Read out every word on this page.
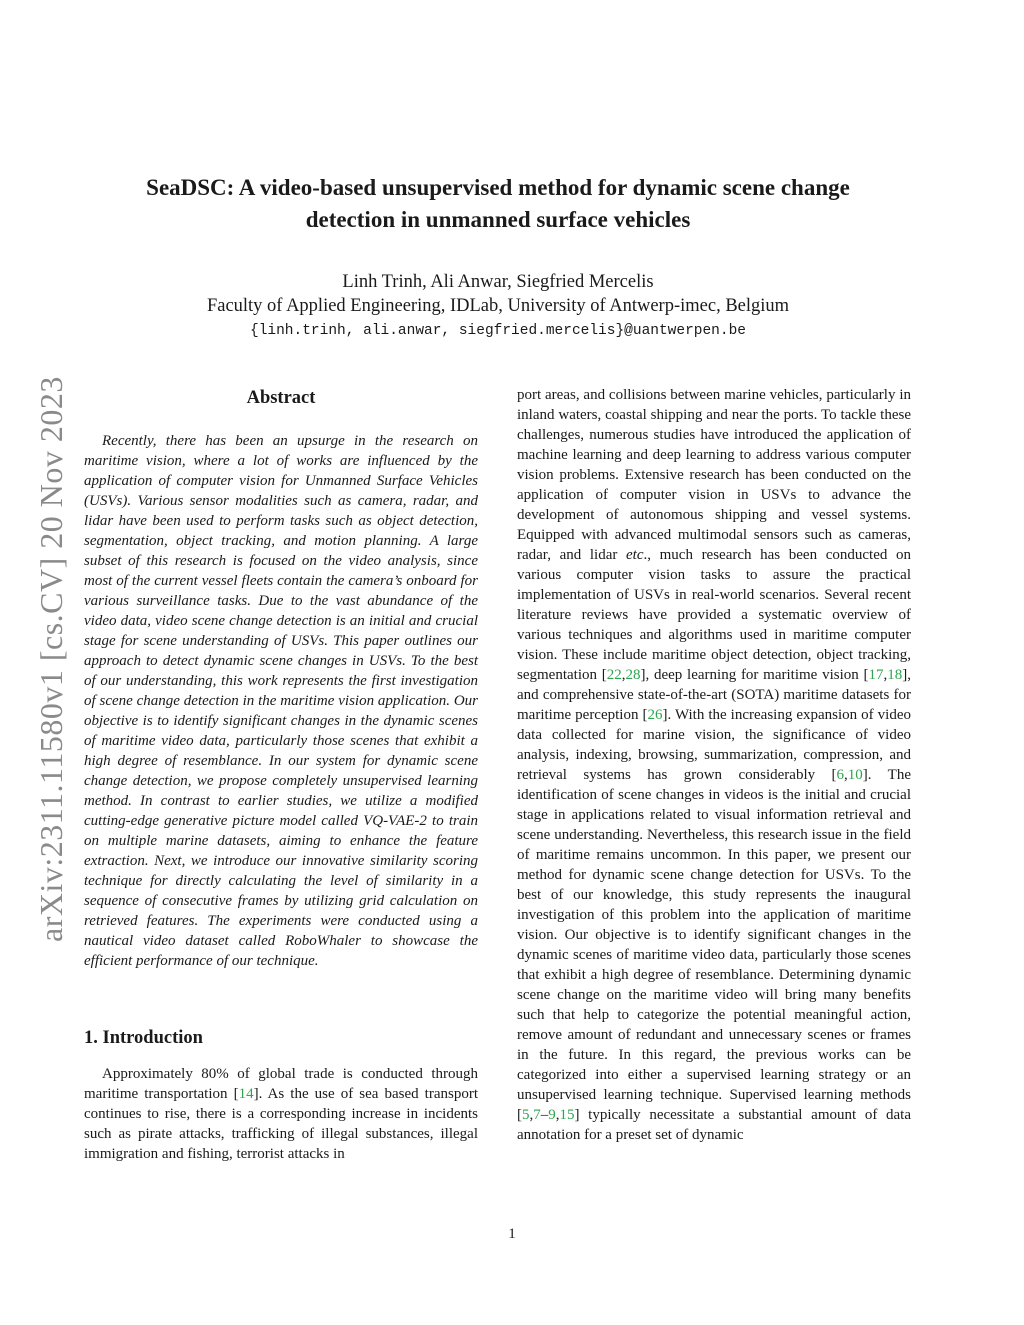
arXiv:2311.11580v1 [cs.CV] 20 Nov 2023
SeaDSC: A video-based unsupervised method for dynamic scene change
detection in unmanned surface vehicles
Linh Trinh, Ali Anwar, Siegfried Mercelis
Faculty of Applied Engineering, IDLab, University of Antwerp-imec, Belgium
{linh.trinh, ali.anwar, siegfried.mercelis}@uantwerpen.be
Abstract

Recently, there has been an upsurge in the research on maritime vision, where a lot of works are influenced by the application of computer vision for Unmanned Surface Vehicles (USVs). Various sensor modalities such as camera, radar, and lidar have been used to perform tasks such as object detection, segmentation, object tracking, and motion planning. A large subset of this research is focused on the video analysis, since most of the current vessel fleets contain the camera’s onboard for various surveillance tasks. Due to the vast abundance of the video data, video scene change detection is an initial and crucial stage for scene understanding of USVs. This paper outlines our approach to detect dynamic scene changes in USVs. To the best of our understanding, this work represents the first investigation of scene change detection in the maritime vision application. Our objective is to identify significant changes in the dynamic scenes of maritime video data, particularly those scenes that exhibit a high degree of resemblance. In our system for dynamic scene change detection, we propose completely unsupervised learning method. In contrast to earlier studies, we utilize a modified cutting-edge generative picture model called VQ-VAE-2 to train on multiple marine datasets, aiming to enhance the feature extraction. Next, we introduce our innovative similarity scoring technique for directly calculating the level of similarity in a sequence of consecutive frames by utilizing grid calculation on retrieved features. The experiments were conducted using a nautical video dataset called RoboWhaler to showcase the efficient performance of our technique.

1. Introduction

Approximately 80% of global trade is conducted through maritime transportation [14]. As the use of sea based transport continues to rise, there is a corresponding increase in incidents such as pirate attacks, trafficking of illegal substances, illegal immigration and fishing, terrorist attacks in

port areas, and collisions between marine vehicles, particularly in inland waters, coastal shipping and near the ports. To tackle these challenges, numerous studies have introduced the application of machine learning and deep learning to address various computer vision problems. Extensive research has been conducted on the application of computer vision in USVs to advance the development of autonomous shipping and vessel systems. Equipped with advanced multimodal sensors such as cameras, radar, and lidar etc., much research has been conducted on various computer vision tasks to assure the practical implementation of USVs in real-world scenarios. Several recent literature reviews have provided a systematic overview of various techniques and algorithms used in maritime computer vision. These include maritime object detection, object tracking, segmentation [22,28], deep learning for maritime vision [17,18], and comprehensive state-of-the-art (SOTA) maritime datasets for maritime perception [26]. With the increasing expansion of video data collected for marine vision, the significance of video analysis, indexing, browsing, summarization, compression, and retrieval systems has grown considerably [6,10]. The identification of scene changes in videos is the initial and crucial stage in applications related to visual information retrieval and scene understanding. Nevertheless, this research issue in the field of maritime remains uncommon. In this paper, we present our method for dynamic scene change detection for USVs. To the best of our knowledge, this study represents the inaugural investigation of this problem into the application of maritime vision. Our objective is to identify significant changes in the dynamic scenes of maritime video data, particularly those scenes that exhibit a high degree of resemblance. Determining dynamic scene change on the maritime video will bring many benefits such that help to categorize the potential meaningful action, remove amount of redundant and unnecessary scenes or frames in the future. In this regard, the previous works can be categorized into either a supervised learning strategy or an unsupervised learning technique. Supervised learning methods [5,7–9,15] typically necessitate a substantial amount of data annotation for a preset set of dynamic

1
